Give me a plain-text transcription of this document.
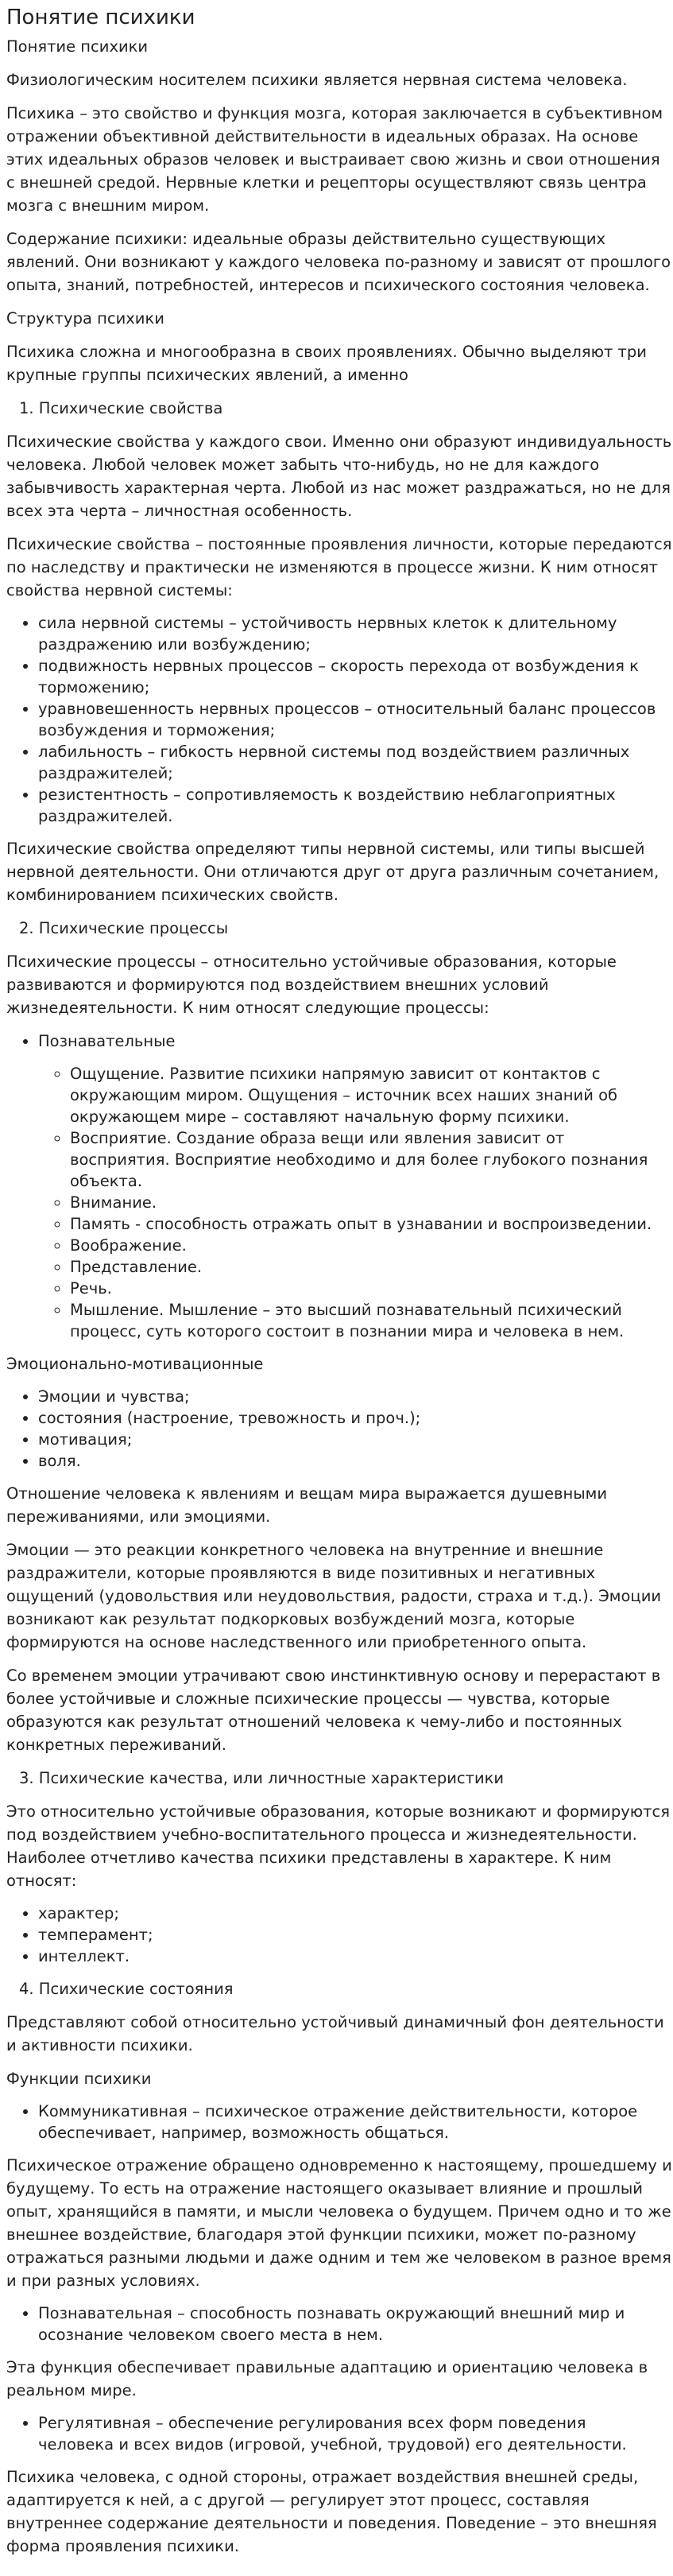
Понятие психики
Понятие психики

Физиологическим носителем психики является нервная система человека.

Психика – это свойство и функция мозга, которая заключается в субъективном отражении объективной действительности в идеальных образах. На основе этих идеальных образов человек и выстраивает свою жизнь и свои отношения с внешней средой. Нервные клетки и рецепторы осуществляют связь центра мозга с внешним миром.

Содержание психики: идеальные образы действительно существующих явлений. Они возникают у каждого человека по-разному и зависят от прошлого опыта, знаний, потребностей, интересов и психического состояния человека.

Структура психики

Психика сложна и многообразна в своих проявлениях. Обычно выделяют три крупные группы психических явлений, а именно

1. Психические свойства

Психические свойства у каждого свои. Именно они образуют индивидуальность человека. Любой человек может забыть что-нибудь, но не для каждого забывчивость характерная черта. Любой из нас может раздражаться, но не для всех эта черта – личностная особенность.

Психические свойства – постоянные проявления личности, которые передаются по наследству и практически не изменяются в процессе жизни. К ним относят свойства нервной системы:

• сила нервной системы – устойчивость нервных клеток к длительному раздражению или возбуждению;
• подвижность нервных процессов – скорость перехода от возбуждения к торможению;
• уравновешенность нервных процессов – относительный баланс процессов возбуждения и торможения;
• лабильность – гибкость нервной системы под воздействием различных раздражителей;
• резистентность – сопротивляемость к воздействию неблагоприятных раздражителей.

Психические свойства определяют типы нервной системы, или типы высшей нервной деятельности. Они отличаются друг от друга различным сочетанием, комбинированием психических свойств.

2. Психические процессы

Психические процессы – относительно устойчивые образования, которые развиваются и формируются под воздействием внешних условий жизнедеятельности. К ним относят следующие процессы:

• Познавательные
◦ Ощущение. Развитие психики напрямую зависит от контактов с окружающим миром. Ощущения – источник всех наших знаний об окружающем мире – составляют начальную форму психики.
◦ Восприятие. Создание образа вещи или явления зависит от восприятия. Восприятие необходимо и для более глубокого познания объекта.
◦ Внимание.
◦ Память - способность отражать опыт в узнавании и воспроизведении.
◦ Воображение.
◦ Представление.
◦ Речь.
◦ Мышление. Мышление – это высший познавательный психический процесс, суть которого состоит в познании мира и человека в нем.
Эмоционально-мотивационные
• Эмоции и чувства;
• состояния (настроение, тревожность и проч.);
• мотивация;
• воля.

Отношение человека к явлениям и вещам мира выражается душевными переживаниями, или эмоциями.

Эмоции — это реакции конкретного человека на внутренние и внешние раздражители, которые проявляются в виде позитивных и негативных ощущений (удовольствия или неудовольствия, радости, страха и т.д.). Эмоции возникают как результат подкорковых возбуждений мозга, которые формируются на основе наследственного или приобретенного опыта.

Со временем эмоции утрачивают свою инстинктивную основу и перерастают в более устойчивые и сложные психические процессы — чувства, которые образуются как результат отношений человека к чему-либо и постоянных конкретных переживаний.

3. Психические качества, или личностные характеристики

Это относительно устойчивые образования, которые возникают и формируются под воздействием учебно-воспитательного процесса и жизнедеятельности. Наиболее отчетливо качества психики представлены в характере. К ним относят:

• характер;
• темперамент;
• интеллект.
4. Психические состояния

Представляют собой относительно устойчивый динамичный фон деятельности и активности психики.

Функции психики
• Коммуникативная – психическое отражение действительности, которое обеспечивает, например, возможность общаться.

Психическое отражение обращено одновременно к настоящему, прошедшему и будущему. То есть на отражение настоящего оказывает влияние и прошлый опыт, хранящийся в памяти, и мысли человека о будущем. Причем одно и то же внешнее воздействие, благодаря этой функции психики, может по-разному отражаться разными людьми и даже одним и тем же человеком в разное время и при разных условиях.

• Познавательная – способность познавать окружающий внешний мир и осознание человеком своего места в нем.

Эта функция обеспечивает правильные адаптацию и ориентацию человека в реальном мире.

• Регулятивная – обеспечение регулирования всех форм поведения человека и всех видов (игровой, учебной, трудовой) его деятельности.

Психика человека, с одной стороны, отражает воздействия внешней среды, адаптируется к ней, а с другой — регулирует этот процесс, составляя внутреннее содержание деятельности и поведения. Поведение – это внешняя форма проявления психики.
